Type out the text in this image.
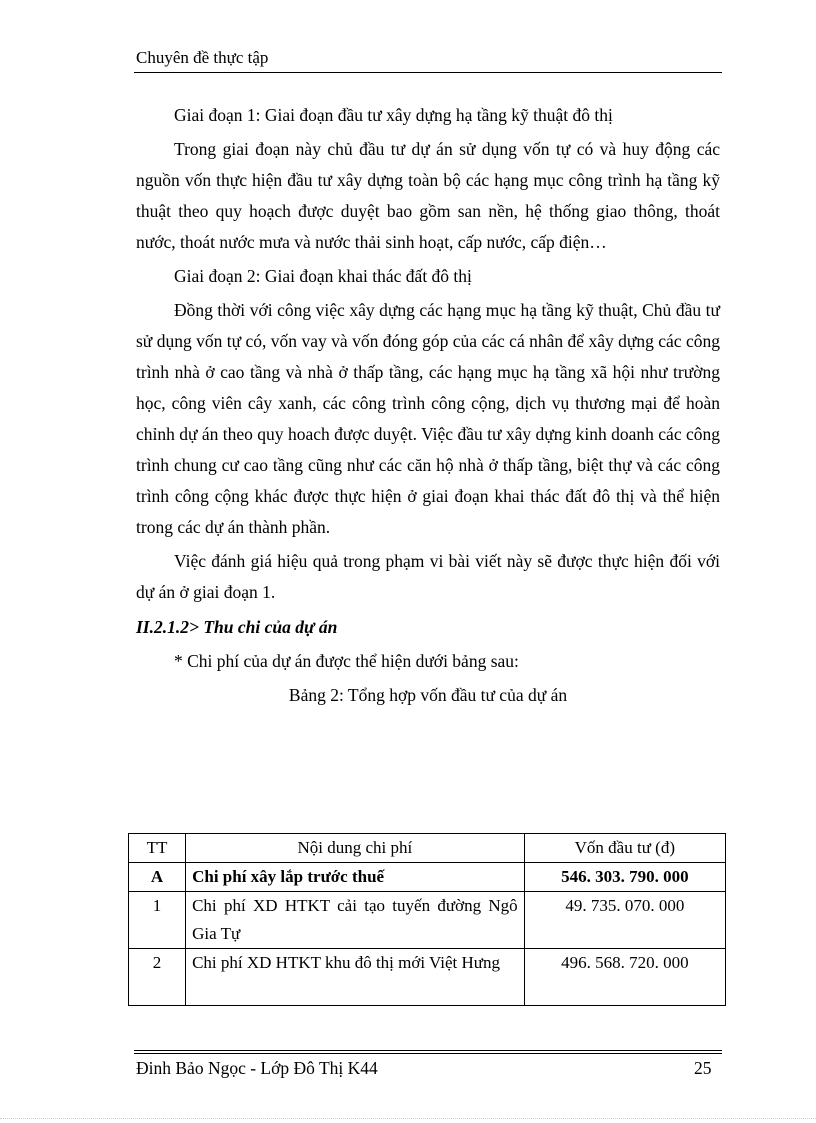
Chuyên đề thực tập

Giai đoạn 1: Giai đoạn đầu tư xây dựng hạ tầng kỹ thuật đô thị

Trong giai đoạn này chủ đầu tư dự án sử dụng vốn tự có và huy động các nguồn vốn thực hiện đầu tư xây dựng toàn bộ các hạng mục công trình hạ tầng kỹ thuật theo quy hoạch được duyệt bao gồm san nền, hệ thống giao thông, thoát nước, thoát nước mưa và nước thải sinh hoạt, cấp nước, cấp điện…

Giai đoạn 2: Giai đoạn khai thác đất đô thị

Đồng thời với công việc xây dựng các hạng mục hạ tầng kỹ thuật, Chủ đầu tư sử dụng vốn tự có, vốn vay và vốn đóng góp của các cá nhân để xây dựng các công trình nhà ở cao tầng và nhà ở thấp tầng, các hạng mục hạ tầng xã hội như trường học, công viên cây xanh, các công trình công cộng, dịch vụ thương mại để hoàn chỉnh dự án theo quy hoach được duyệt. Việc đầu tư xây dựng kinh doanh các công trình chung cư cao tầng cũng như các căn hộ nhà ở thấp tầng, biệt thự và các công trình công cộng khác được thực hiện ở giai đoạn khai thác đất đô thị và thể hiện trong các dự án thành phần.

Việc đánh giá hiệu quả trong phạm vi bài viết này sẽ được thực hiện đối với dự án ở giai đoạn 1.

II.2.1.2> Thu chi của dự án

* Chi phí của dự án được thể hiện dưới bảng sau:

Bảng 2: Tổng hợp vốn đầu tư của dự án

TT	Nội dung chi phí	Vốn đầu tư (đ)
A	Chi phí xây lắp trước thuế	546. 303. 790. 000
1	Chi phí XD HTKT cải tạo tuyến đường Ngô Gia Tự	49. 735. 070. 000
2	Chi phí XD HTKT khu đô thị mới Việt Hưng	496. 568. 720. 000
Đinh Bảo Ngọc - Lớp Đô Thị K44	25
